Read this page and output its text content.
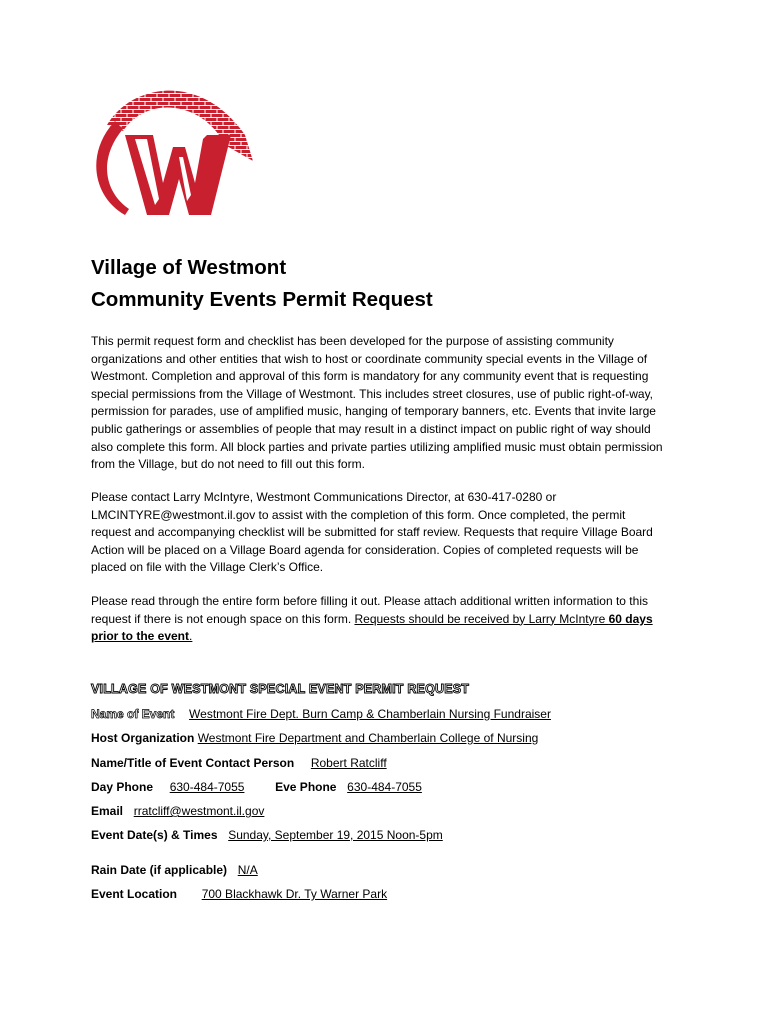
Village of Westmont
Community Events Permit Request

This permit request form and checklist has been developed for the purpose of assisting community
organizations and other entities that wish to host or coordinate community special events in the Village of
Westmont. Completion and approval of this form is mandatory for any community event that is requesting
special permissions from the Village of Westmont. This includes street closures, use of public right-of-way,
permission for parades, use of amplified music, hanging of temporary banners, etc. Events that invite large
public gatherings or assemblies of people that may result in a distinct impact on public right of way should
also complete this form. All block parties and private parties utilizing amplified music must obtain permission
from the Village, but do not need to fill out this form.

Please contact Larry McIntyre, Westmont Communications Director, at 630-417-0280 or
LMCINTYRE@westmont.il.gov to assist with the completion of this form. Once completed, the permit
request and accompanying checklist will be submitted for staff review. Requests that require Village Board
Action will be placed on a Village Board agenda for consideration. Copies of completed requests will be
placed on file with the Village Clerk’s Office.

Please read through the entire form before filling it out. Please attach additional written information to this
request if there is not enough space on this form. Requests should be received by Larry McIntyre 60 days
prior to the event.

VILLAGE OF WESTMONT SPECIAL EVENT PERMIT REQUEST
Name of Event Westmont Fire Dept. Burn Camp & Chamberlain Nursing Fundraiser
Host Organization Westmont Fire Department and Chamberlain College of Nursing
Name/Title of Event Contact Person Robert Ratcliff
Day Phone 630-484-7055	Eve Phone 630-484-7055
Email rratcliff@westmont.il.gov
Event Date(s) & Times Sunday, September 19, 2015 Noon-5pm
Rain Date (if applicable) N/A
Event Location 700 Blackhawk Dr. Ty Warner Park
